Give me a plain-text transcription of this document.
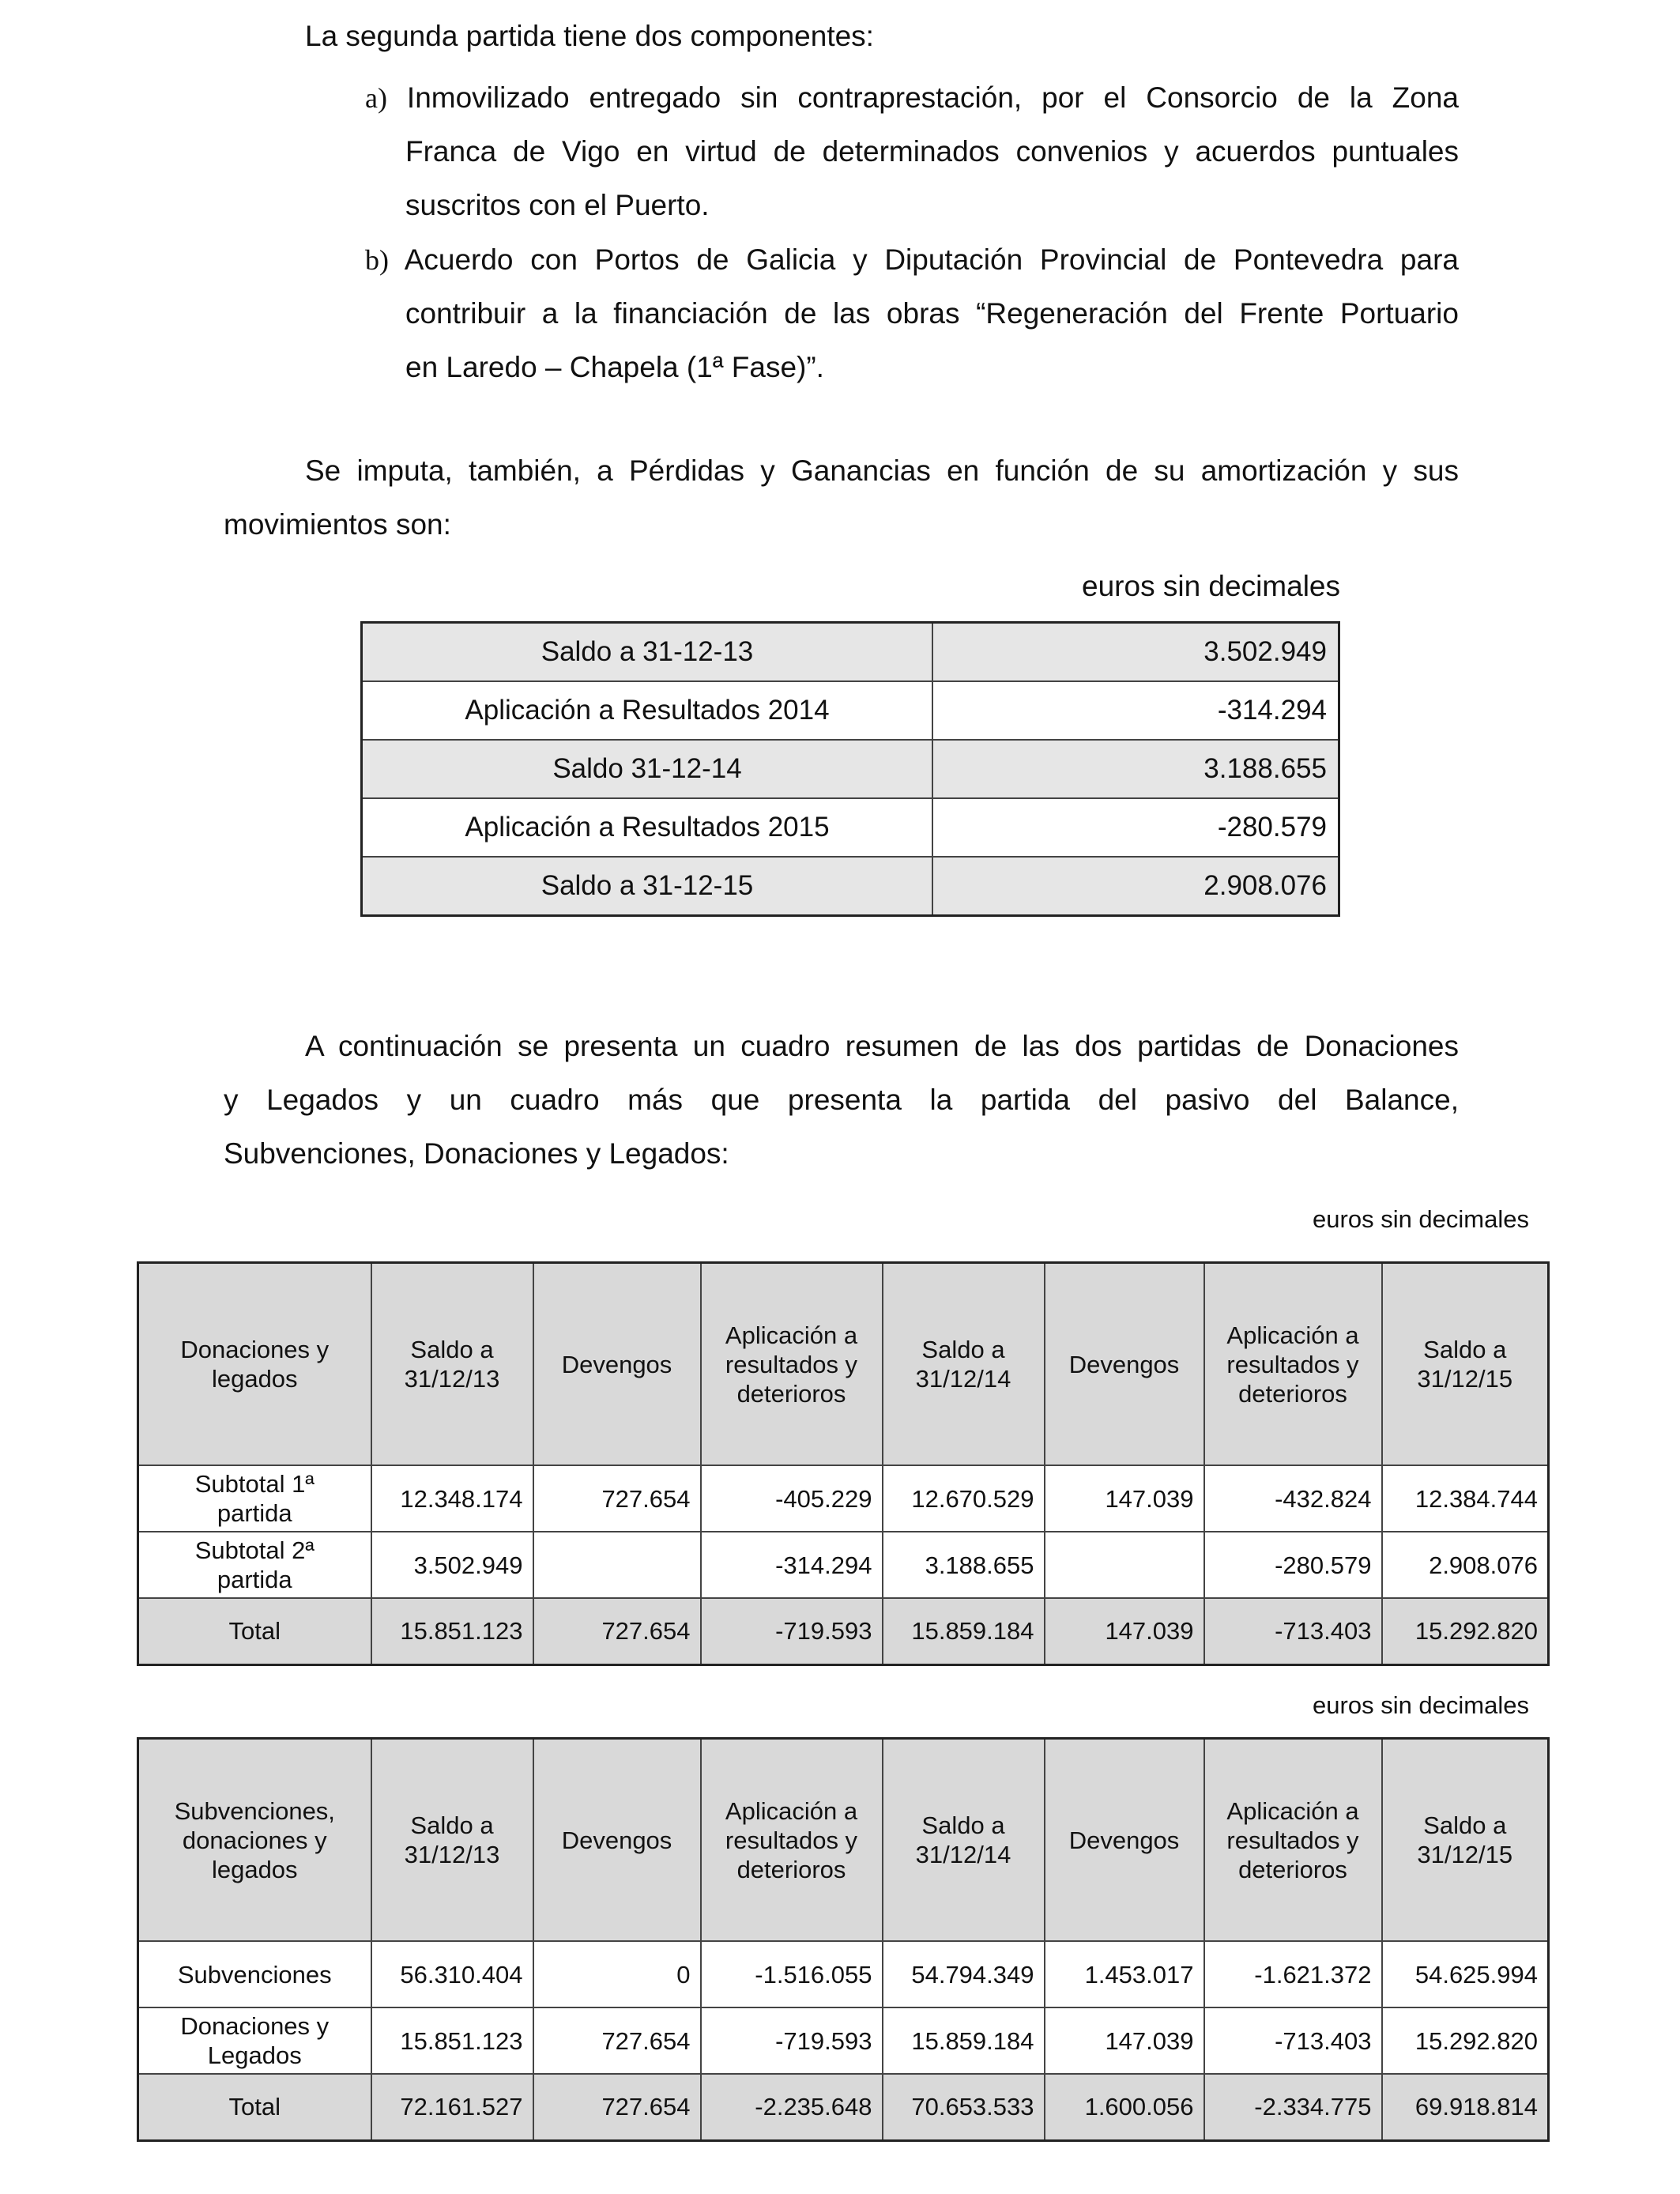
La segunda partida tiene dos componentes:
a) Inmovilizado entregado sin contraprestación, por el Consorcio de la Zona
Franca de Vigo en virtud de determinados convenios y acuerdos puntuales
suscritos con el Puerto.
b) Acuerdo con Portos de Galicia y Diputación Provincial de Pontevedra para
contribuir a la financiación de las obras “Regeneración del Frente Portuario
en Laredo – Chapela (1ª Fase)”.
Se imputa, también, a Pérdidas y Ganancias en función de su amortización y sus
movimientos son:
euros sin decimales
Saldo a 31-12-13	3.502.949
Aplicación a Resultados 2014	-314.294
Saldo 31-12-14	3.188.655
Aplicación a Resultados 2015	-280.579
Saldo a 31-12-15	2.908.076
A continuación se presenta un cuadro resumen de las dos partidas de Donaciones
y Legados y un cuadro más que presenta la partida del pasivo del Balance,
Subvenciones, Donaciones y Legados:
euros sin decimales
Donaciones y
legados	Saldo a
31/12/13	Devengos	Aplicación a
resultados y
deterioros	Saldo a
31/12/14	Devengos	Aplicación a
resultados y
deterioros	Saldo a
31/12/15
Subtotal 1ª
partida	12.348.174	727.654	-405.229	12.670.529	147.039	-432.824	12.384.744
Subtotal 2ª
partida	3.502.949		-314.294	3.188.655		-280.579	2.908.076
Total	15.851.123	727.654	-719.593	15.859.184	147.039	-713.403	15.292.820
euros sin decimales
Subvenciones,
donaciones y
legados	Saldo a
31/12/13	Devengos	Aplicación a
resultados y
deterioros	Saldo a
31/12/14	Devengos	Aplicación a
resultados y
deterioros	Saldo a
31/12/15
Subvenciones	56.310.404	0	-1.516.055	54.794.349	1.453.017	-1.621.372	54.625.994
Donaciones y
Legados	15.851.123	727.654	-719.593	15.859.184	147.039	-713.403	15.292.820
Total	72.161.527	727.654	-2.235.648	70.653.533	1.600.056	-2.334.775	69.918.814
